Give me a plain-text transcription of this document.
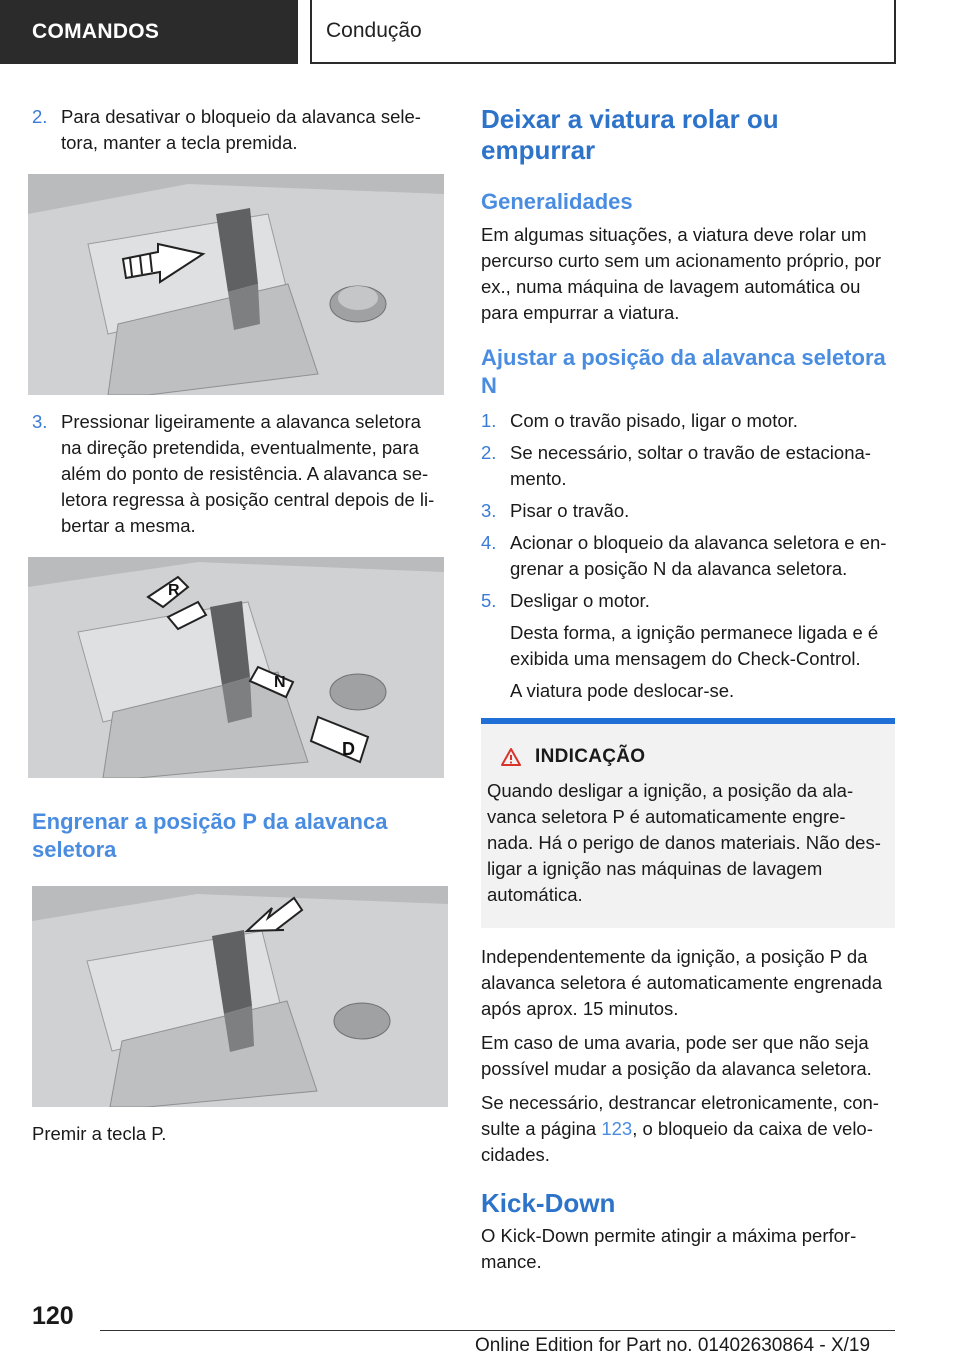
COMANDOS	Condução
2. Para desativar o bloqueio da alavanca sele-tora, manter a tecla premida.
3. Pressionar ligeiramente a alavanca seletora na direção pretendida, eventualmente, para além do ponto de resistência. A alavanca se-letora regressa à posição central depois de li-bertar a mesma.
R
N
D
Engrenar a posição P da alavanca seletora

Premir a tecla P.

Deixar a viatura rolar ou empurrar
Generalidades

Em algumas situações, a viatura deve rolar um percurso curto sem um acionamento próprio, por ex., numa máquina de lavagem automática ou para empurrar a viatura.

Ajustar a posição da alavanca seletora N
1. Com o travão pisado, ligar o motor.
2. Se necessário, soltar o travão de estaciona-mento.
3. Pisar o travão.
4. Acionar o bloqueio da alavanca seletora e en-grenar a posição N da alavanca seletora.
5. Desligar o motor.

Desta forma, a ignição permanece ligada e é exibida uma mensagem do Check-Control.

A viatura pode deslocar-se.

INDICAÇÃO

Quando desligar a ignição, a posição da ala-vanca seletora P é automaticamente engre-nada. Há o perigo de danos materiais. Não des-ligar a ignição nas máquinas de lavagem automática.

Independentemente da ignição, a posição P da alavanca seletora é automaticamente engrenada após aprox. 15 minutos.

Em caso de uma avaria, pode ser que não seja possível mudar a posição da alavanca seletora.

Se necessário, destrancar eletronicamente, con-sulte a página 123, o bloqueio da caixa de velo-cidades.

Kick-Down

O Kick-Down permite atingir a máxima perfor-mance.

120
Online Edition for Part no. 01402630864 - X/19
